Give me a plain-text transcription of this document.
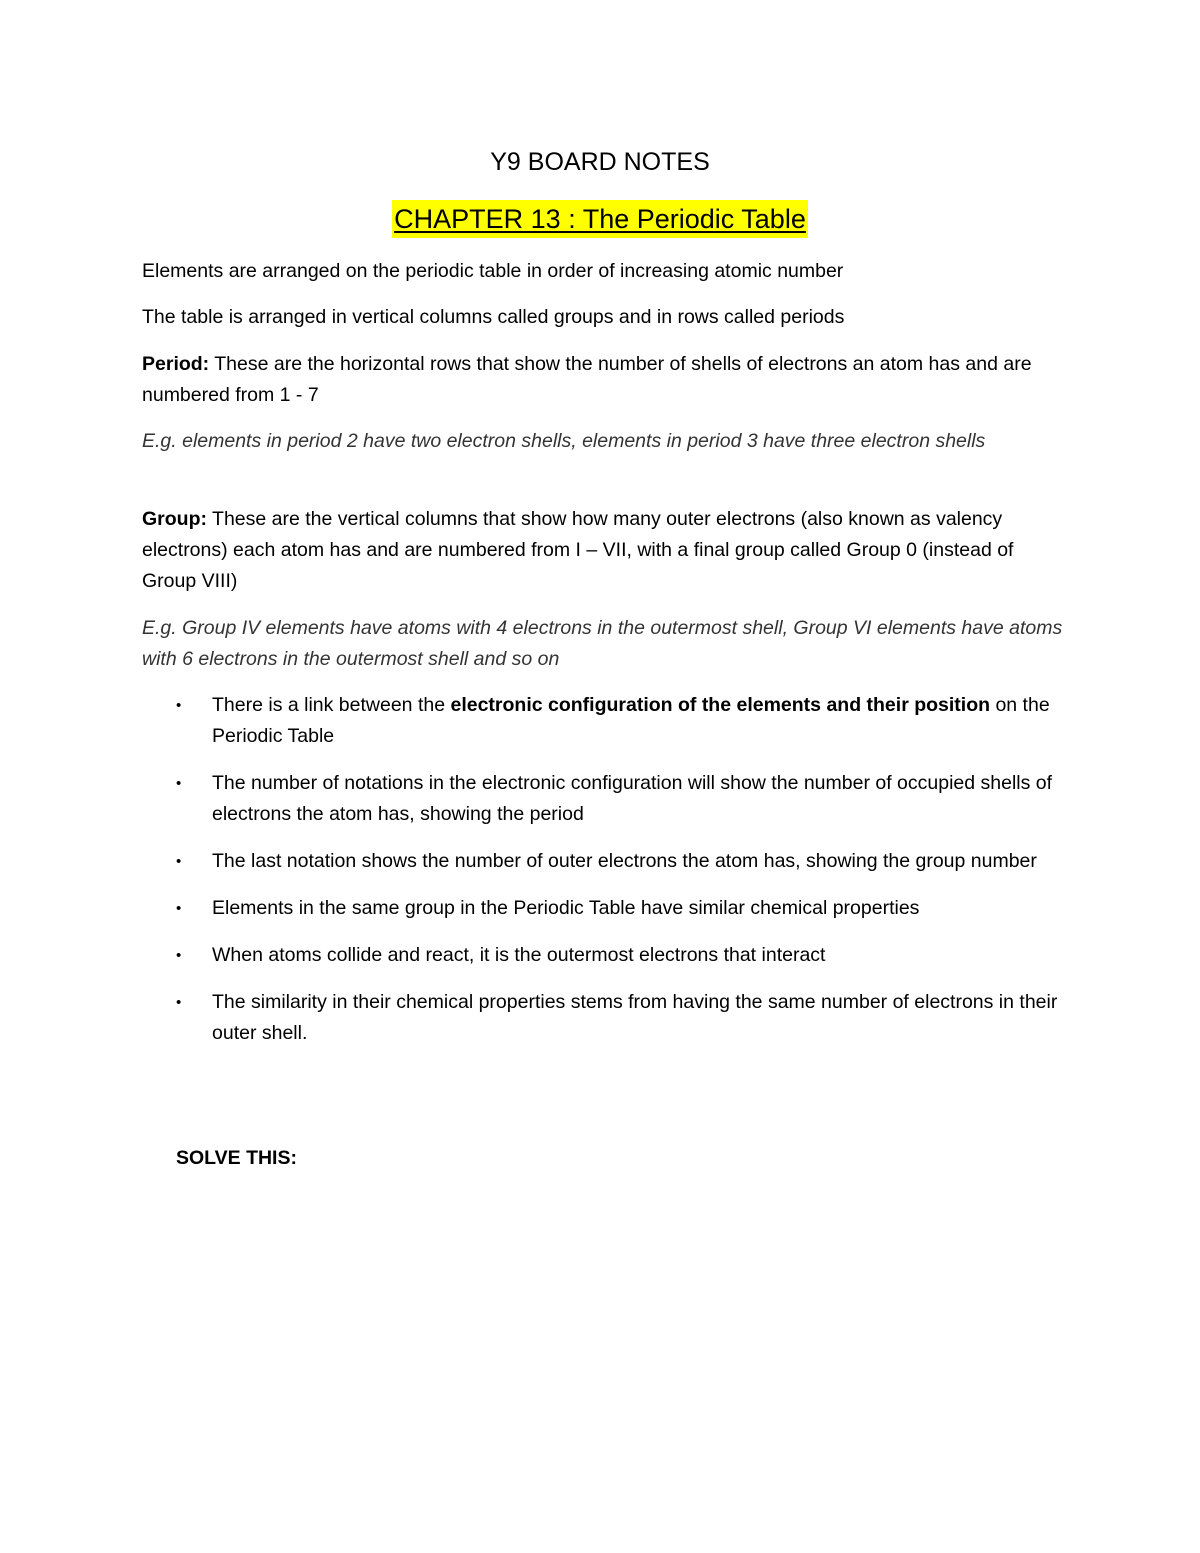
Y9 BOARD NOTES
CHAPTER 13 : The Periodic Table

Elements are arranged on the periodic table in order of increasing atomic number

The table is arranged in vertical columns called groups and in rows called periods

Period: These are the horizontal rows that show the number of shells of electrons an atom has and are numbered from 1 - 7

E.g. elements in period 2 have two electron shells, elements in period 3 have three electron shells

Group: These are the vertical columns that show how many outer electrons (also known as valency electrons) each atom has and are numbered from I – VII, with a final group called Group 0 (instead of Group VIII)

E.g. Group IV elements have atoms with 4 electrons in the outermost shell, Group VI elements have atoms with 6 electrons in the outermost shell and so on

• There is a link between the electronic configuration of the elements and their position on the Periodic Table
• The number of notations in the electronic configuration will show the number of occupied shells of electrons the atom has, showing the period
• The last notation shows the number of outer electrons the atom has, showing the group number
• Elements in the same group in the Periodic Table have similar chemical properties
• When atoms collide and react, it is the outermost electrons that interact
• The similarity in their chemical properties stems from having the same number of electrons in their outer shell.

SOLVE THIS:
